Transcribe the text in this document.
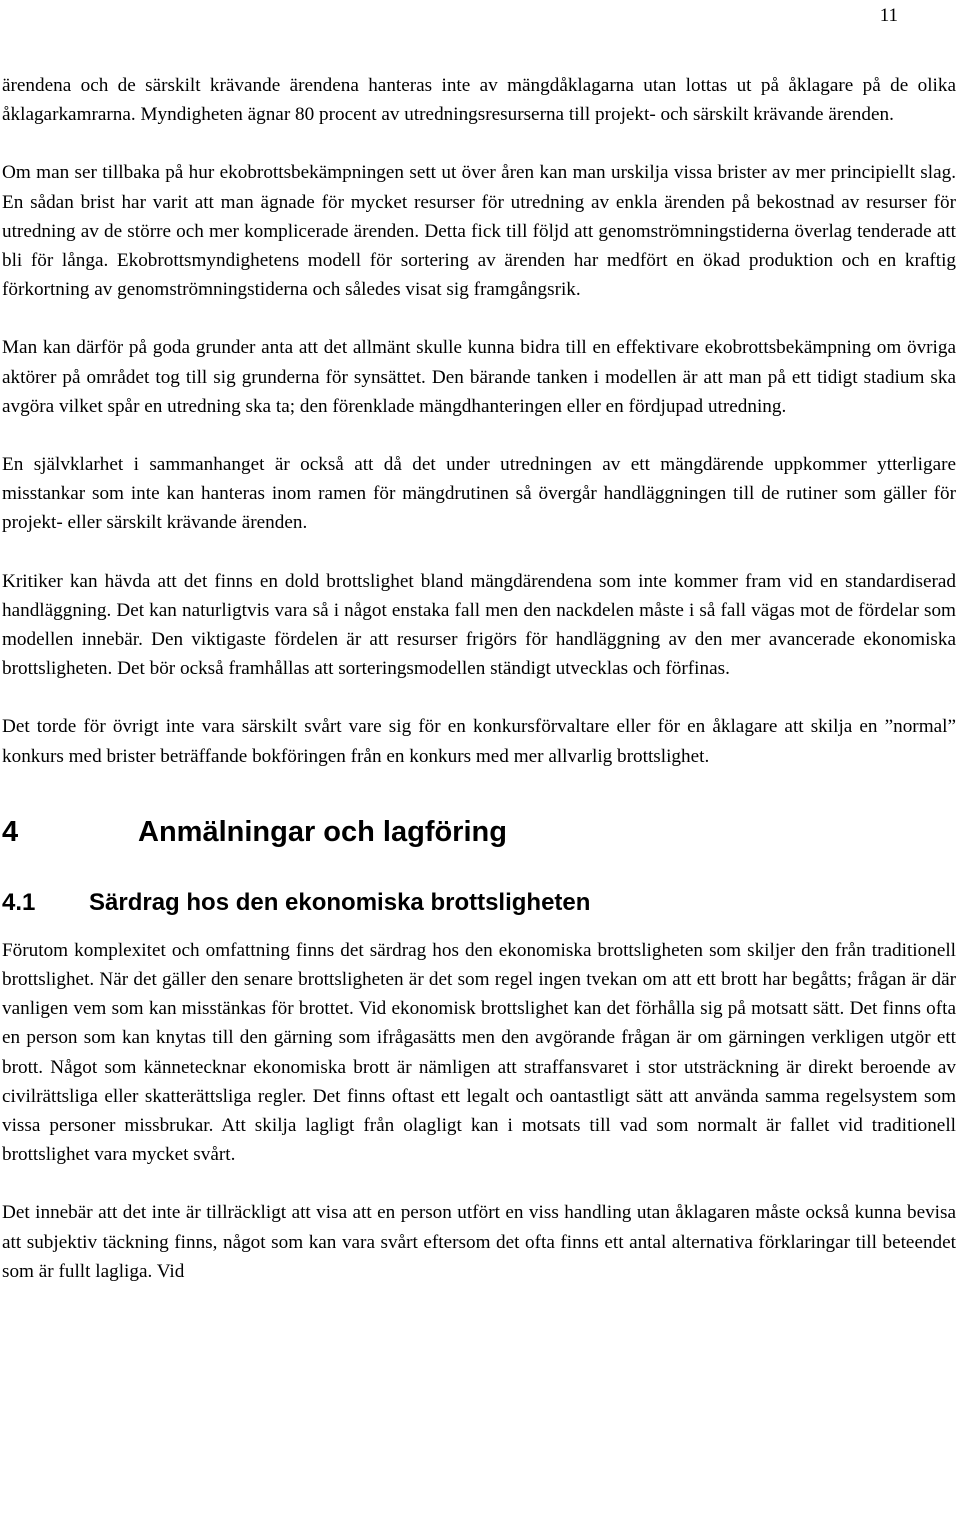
11

ärendena och de särskilt krävande ärendena hanteras inte av mängdåklagarna utan lottas ut på åklagare på de olika åklagarkamrarna. Myndigheten ägnar 80 procent av utredningsresurserna till projekt- och särskilt krävande ärenden.

Om man ser tillbaka på hur ekobrottsbekämpningen sett ut över åren kan man urskilja vissa brister av mer principiellt slag. En sådan brist har varit att man ägnade för mycket resurser för utredning av enkla ärenden på bekostnad av resurser för utredning av de större och mer komplicerade ärenden. Detta fick till följd att genomströmningstiderna överlag tenderade att bli för långa. Ekobrottsmyndighetens modell för sortering av ärenden har medfört en ökad produktion och en kraftig förkortning av genomströmningstiderna och således visat sig framgångsrik.

Man kan därför på goda grunder anta att det allmänt skulle kunna bidra till en effektivare ekobrottsbekämpning om övriga aktörer på området tog till sig grunderna för synsättet. Den bärande tanken i modellen är att man på ett tidigt stadium ska avgöra vilket spår en utredning ska ta; den förenklade mängdhanteringen eller en fördjupad utredning.

En självklarhet i sammanhanget är också att då det under utredningen av ett mängdärende uppkommer ytterligare misstankar som inte kan hanteras inom ramen för mängdrutinen så övergår handläggningen till de rutiner som gäller för projekt- eller särskilt krävande ärenden.

Kritiker kan hävda att det finns en dold brottslighet bland mängdärendena som inte kommer fram vid en standardiserad handläggning. Det kan naturligtvis vara så i något enstaka fall men den nackdelen måste i så fall vägas mot de fördelar som modellen innebär. Den viktigaste fördelen är att resurser frigörs för handläggning av den mer avancerade ekonomiska brottsligheten. Det bör också framhållas att sorteringsmodellen ständigt utvecklas och förfinas.

Det torde för övrigt inte vara särskilt svårt vare sig för en konkursförvaltare eller för en åklagare att skilja en ”normal” konkurs med brister beträffande bokföringen från en konkurs med mer allvarlig brottslighet.

4	Anmälningar och lagföring
4.1 Särdrag hos den ekonomiska brottsligheten

Förutom komplexitet och omfattning finns det särdrag hos den ekonomiska brottsligheten som skiljer den från traditionell brottslighet. När det gäller den senare brottsligheten är det som regel ingen tvekan om att ett brott har begåtts; frågan är där vanligen vem som kan misstänkas för brottet. Vid ekonomisk brottslighet kan det förhålla sig på motsatt sätt. Det finns ofta en person som kan knytas till den gärning som ifrågasätts men den avgörande frågan är om gärningen verkligen utgör ett brott. Något som kännetecknar ekonomiska brott är nämligen att straffansvaret i stor utsträckning är direkt beroende av civilrättsliga eller skatterättsliga regler. Det finns oftast ett legalt och oantastligt sätt att använda samma regelsystem som vissa personer missbrukar. Att skilja lagligt från olagligt kan i motsats till vad som normalt är fallet vid traditionell brottslighet vara mycket svårt.

Det innebär att det inte är tillräckligt att visa att en person utfört en viss handling utan åklagaren måste också kunna bevisa att subjektiv täckning finns, något som kan vara svårt eftersom det ofta finns ett antal alternativa förklaringar till beteendet som är fullt lagliga. Vid
